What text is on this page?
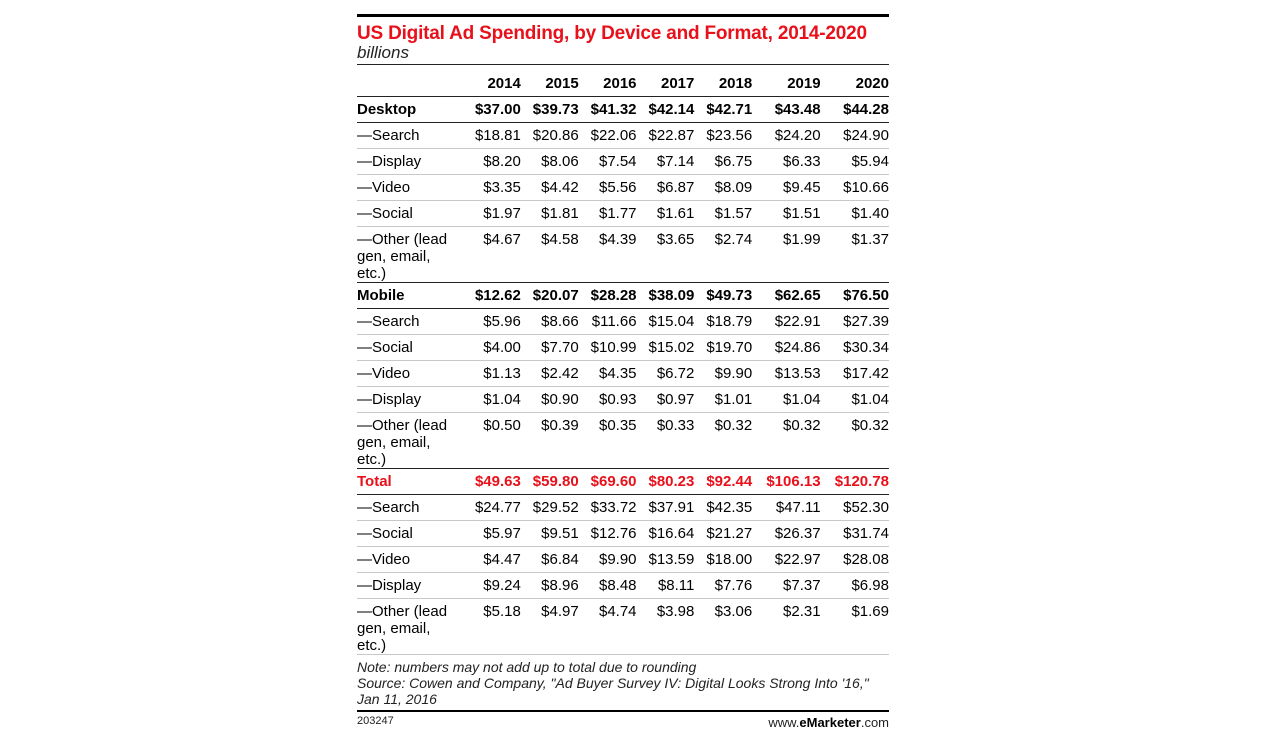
US Digital Ad Spending, by Device and Format, 2014-2020
billions
	2014	2015	2016	2017	2018	2019	2020
Desktop	$37.00	$39.73	$41.32	$42.14	$42.71	$43.48	$44.28
—Search	$18.81	$20.86	$22.06	$22.87	$23.56	$24.20	$24.90
—Display	$8.20	$8.06	$7.54	$7.14	$6.75	$6.33	$5.94
—Video	$3.35	$4.42	$5.56	$6.87	$8.09	$9.45	$10.66
—Social	$1.97	$1.81	$1.77	$1.61	$1.57	$1.51	$1.40
—Other (lead gen, email, etc.)	$4.67	$4.58	$4.39	$3.65	$2.74	$1.99	$1.37
Mobile	$12.62	$20.07	$28.28	$38.09	$49.73	$62.65	$76.50
—Search	$5.96	$8.66	$11.66	$15.04	$18.79	$22.91	$27.39
—Social	$4.00	$7.70	$10.99	$15.02	$19.70	$24.86	$30.34
—Video	$1.13	$2.42	$4.35	$6.72	$9.90	$13.53	$17.42
—Display	$1.04	$0.90	$0.93	$0.97	$1.01	$1.04	$1.04
—Other (lead gen, email, etc.)	$0.50	$0.39	$0.35	$0.33	$0.32	$0.32	$0.32
Total	$49.63	$59.80	$69.60	$80.23	$92.44	$106.13	$120.78
—Search	$24.77	$29.52	$33.72	$37.91	$42.35	$47.11	$52.30
—Social	$5.97	$9.51	$12.76	$16.64	$21.27	$26.37	$31.74
—Video	$4.47	$6.84	$9.90	$13.59	$18.00	$22.97	$28.08
—Display	$9.24	$8.96	$8.48	$8.11	$7.76	$7.37	$6.98
—Other (lead gen, email, etc.)	$5.18	$4.97	$4.74	$3.98	$3.06	$2.31	$1.69
Note: numbers may not add up to total due to rounding
Source: Cowen and Company, "Ad Buyer Survey IV: Digital Looks Strong Into '16," Jan 11, 2016
203247	www.eMarketer.com
